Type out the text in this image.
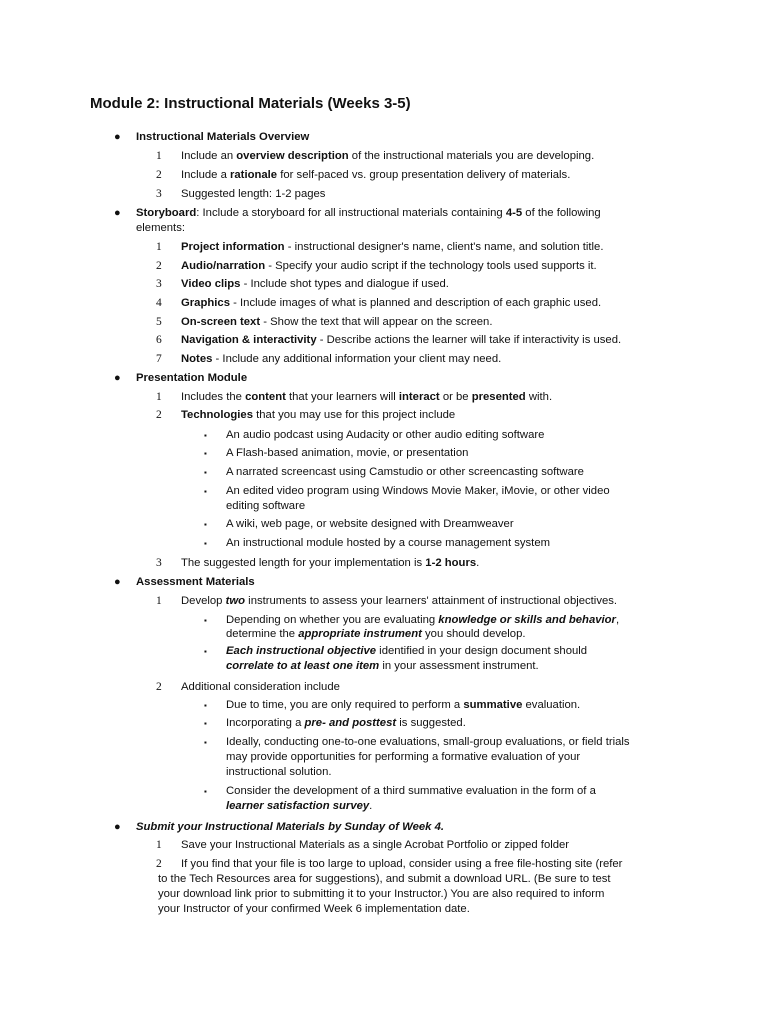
Module 2: Instructional Materials (Weeks 3-5)
● Instructional Materials Overview
1 Include an overview description of the instructional materials you are developing.
2 Include a rationale for self-paced vs. group presentation delivery of materials.
3 Suggested length: 1-2 pages
● Storyboard: Include a storyboard for all instructional materials containing 4-5 of the following
elements:
1 Project information - instructional designer's name, client's name, and solution title.
2 Audio/narration - Specify your audio script if the technology tools used supports it.
3 Video clips - Include shot types and dialogue if used.
4 Graphics - Include images of what is planned and description of each graphic used.
5 On-screen text - Show the text that will appear on the screen.
6 Navigation & interactivity - Describe actions the learner will take if interactivity is used.
7 Notes - Include any additional information your client may need.
● Presentation Module
1 Includes the content that your learners will interact or be presented with.
2 Technologies that you may use for this project include
▪ An audio podcast using Audacity or other audio editing software
▪ A Flash-based animation, movie, or presentation
▪ A narrated screencast using Camstudio or other screencasting software
▪ An edited video program using Windows Movie Maker, iMovie, or other video
editing software
▪ A wiki, web page, or website designed with Dreamweaver
▪ An instructional module hosted by a course management system
3 The suggested length for your implementation is 1-2 hours.
● Assessment Materials
1 Develop two instruments to assess your learners' attainment of instructional objectives.
▪ Depending on whether you are evaluating knowledge or skills and behavior,
determine the appropriate instrument you should develop.
▪ Each instructional objective identified in your design document should
correlate to at least one item in your assessment instrument.
2 Additional consideration include
▪ Due to time, you are only required to perform a summative evaluation.
▪ Incorporating a pre- and posttest is suggested.
▪ Ideally, conducting one-to-one evaluations, small-group evaluations, or field trials
may provide opportunities for performing a formative evaluation of your
instructional solution.
▪ Consider the development of a third summative evaluation in the form of a
learner satisfaction survey.
● Submit your Instructional Materials by Sunday of Week 4.
1 Save your Instructional Materials as a single Acrobat Portfolio or zipped folder
2 If you find that your file is too large to upload, consider using a free file-hosting site (refer
to the Tech Resources area for suggestions), and submit a download URL. (Be sure to test
your download link prior to submitting it to your Instructor.) You are also required to inform
your Instructor of your confirmed Week 6 implementation date.
